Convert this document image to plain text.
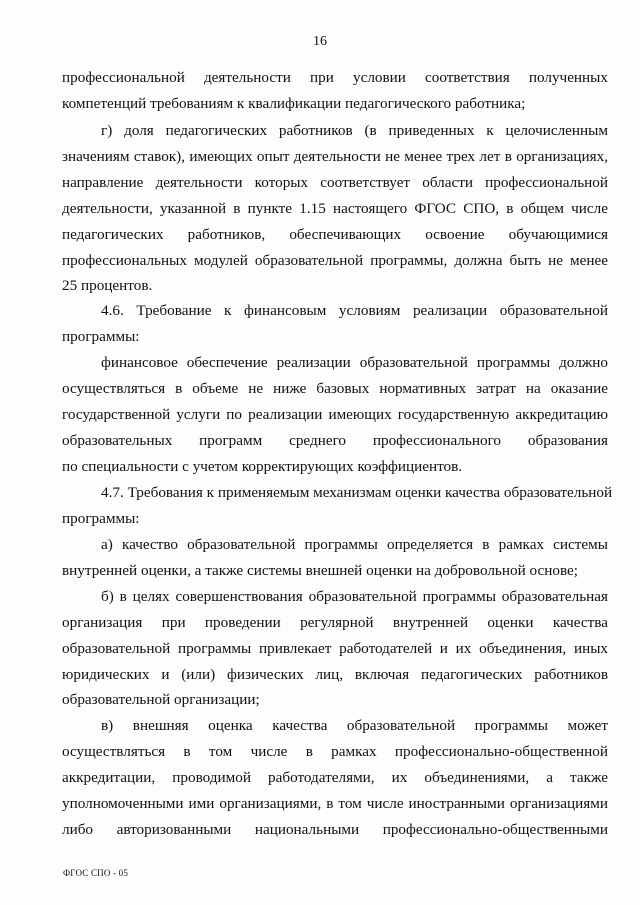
16
профессиональной деятельности при условии соответствия полученных
компетенций требованиям к квалификации педагогического работника;
г) доля педагогических работников (в приведенных к целочисленным
значениям ставок), имеющих опыт деятельности не менее трех лет в организациях,
направление деятельности которых соответствует области профессиональной
деятельности, указанной в пункте 1.15 настоящего ФГОС СПО, в общем числе
педагогических работников, обеспечивающих освоение обучающимися
профессиональных модулей образовательной программы, должна быть не менее
25 процентов.
4.6. Требование к финансовым условиям реализации образовательной
программы:
финансовое обеспечение реализации образовательной программы должно
осуществляться в объеме не ниже базовых нормативных затрат на оказание
государственной услуги по реализации имеющих государственную аккредитацию
образовательных программ среднего профессионального образования
по специальности с учетом корректирующих коэффициентов.
4.7. Требования к применяемым механизмам оценки качества образовательной
программы:
а) качество образовательной программы определяется в рамках системы
внутренней оценки, а также системы внешней оценки на добровольной основе;
б) в целях совершенствования образовательной программы образовательная
организация при проведении регулярной внутренней оценки качества
образовательной программы привлекает работодателей и их объединения, иных
юридических и (или) физических лиц, включая педагогических работников
образовательной организации;
в) внешняя оценка качества образовательной программы может
осуществляться в том числе в рамках профессионально-общественной
аккредитации, проводимой работодателями, их объединениями, а также
уполномоченными ими организациями, в том числе иностранными организациями
либо авторизованными национальными профессионально-общественными
ФГОС СПО - 05
